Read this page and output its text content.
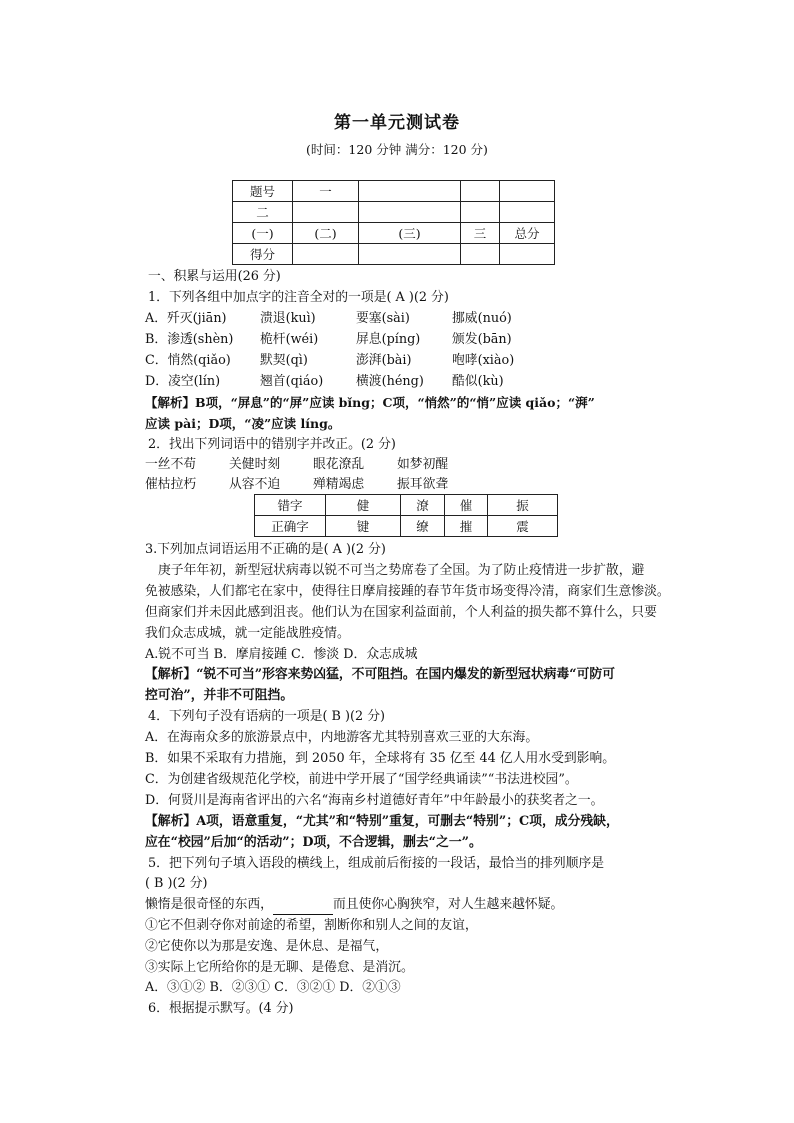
第一单元测试卷
(时间：120 分钟 满分：120 分)
题号	一			
二				
(一)	(二)	(三)	三	总分
得分				
一、积累与运用(26 分)
1．下列各组中加点字的注音全对的一项是( A )(2 分)
A．歼灭(jiān)	溃退(kuì)	要塞(sài)	挪威(nuó)
B．渗透(shèn) 桅杆(wéi)	屏息(píng) 颁发(bān)
C．悄然(qiǎo) 默契(qì)	澎湃(bài)	咆哮(xiào)
D．凌空(lín)	翘首(qiáo)	横渡(héng) 酷似(kù)
【解析】B项，“屏息”的“屏”应读 bǐng；C项，“悄然”的“悄”应读 qiǎo；“湃”
应读 pài；D项，“凌”应读 líng。
2．找出下列词语中的错别字并改正。(2 分)
一丝不苟	关健时刻	眼花潦乱	如梦初醒
催枯拉朽	从容不迫	殚精竭虑	振耳欲聋
错字	健	潦	催	振
正确字	键	缭	摧	震
3.下列加点词语运用不正确的是( A )(2 分)
庚子年年初，新型冠状病毒以锐不可当之势席卷了全国。为了防止疫情进一步扩散，避
免被感染，人们都宅在家中，使得往日摩肩接踵的春节年货市场变得冷清，商家们生意惨淡。
但商家们并未因此感到沮丧。他们认为在国家利益面前，个人利益的损失都不算什么，只要
我们众志成城，就一定能战胜疫情。
A.锐不可当 B．摩肩接踵 C．惨淡 D．众志成城
【解析】“锐不可当”形容来势凶猛，不可阻挡。在国内爆发的新型冠状病毒“可防可
控可治”，并非不可阻挡。
4．下列句子没有语病的一项是( B )(2 分)
A．在海南众多的旅游景点中，内地游客尤其特别喜欢三亚的大东海。
B．如果不采取有力措施，到 2050 年，全球将有 35 亿至 44 亿人用水受到影响。
C．为创建省级规范化学校，前进中学开展了“国学经典诵读”“书法进校园”。
D．何贤川是海南省评出的六名“海南乡村道德好青年”中年龄最小的获奖者之一。
【解析】A项，语意重复，“尤其”和“特别”重复，可删去“特别”；C项，成分残缺，
应在“校园”后加“的活动”；D项，不合逻辑，删去“之一”。
5．把下列句子填入语段的横线上，组成前后衔接的一段话，最恰当的排列顺序是
( B )(2 分)
懒惰是很奇怪的东西，	而且使你心胸狭窄，对人生越来越怀疑。
①它不但剥夺你对前途的希望，割断你和别人之间的友谊，
②它使你以为那是安逸、是休息、是福气，
③实际上它所给你的是无聊、是倦怠、是消沉。
A．③①② B．②③① C．③②① D．②①③
6．根据提示默写。(4 分)
